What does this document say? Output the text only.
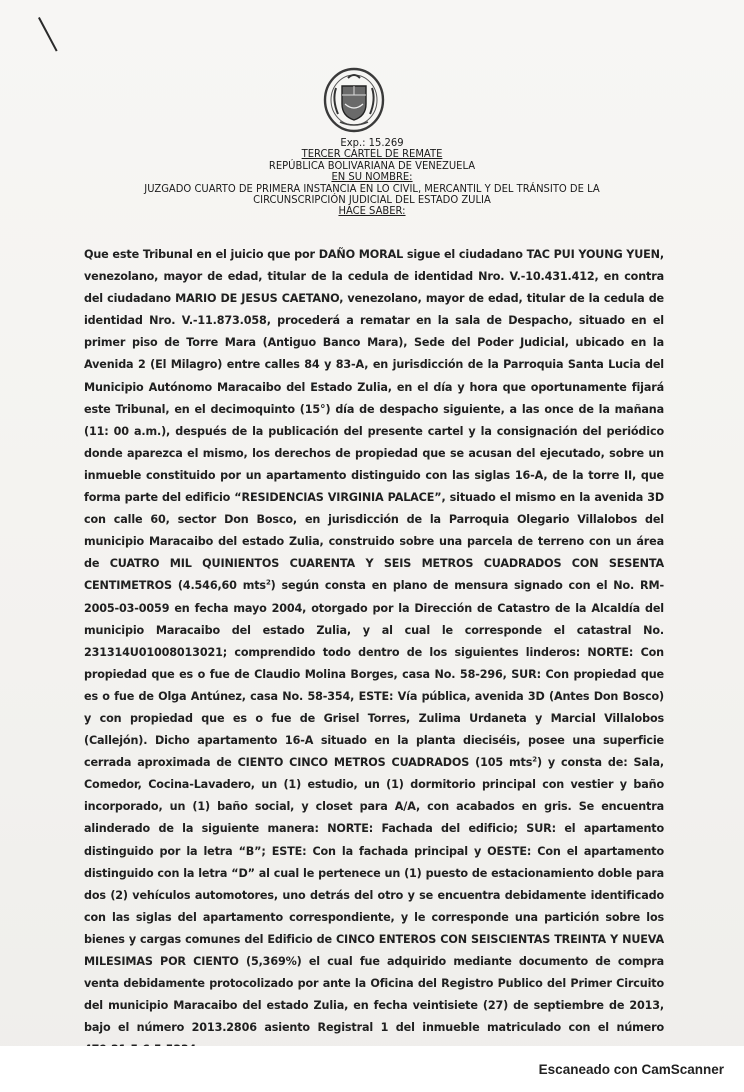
Exp.: 15.269
TERCER CARTEL DE REMATE
REPÚBLICA BOLIVARIANA DE VENEZUELA
EN SU NOMBRE:
JUZGADO CUARTO DE PRIMERA INSTANCIA EN LO CIVIL, MERCANTIL Y DEL TRÁNSITO DE LA
CIRCUNSCRIPCIÓN JUDICIAL DEL ESTADO ZULIA
HACE SABER:

Que este Tribunal en el juicio que por DAÑO MORAL sigue el ciudadano TAC PUI YOUNG YUEN, venezolano, mayor de edad, titular de la cedula de identidad Nro. V.-10.431.412, en contra del ciudadano MARIO DE JESUS CAETANO, venezolano, mayor de edad, titular de la cedula de identidad Nro. V.-11.873.058, procederá a rematar en la sala de Despacho, situado en el primer piso de Torre Mara (Antiguo Banco Mara), Sede del Poder Judicial, ubicado en la Avenida 2 (El Milagro) entre calles 84 y 83-A, en jurisdicción de la Parroquia Santa Lucia del Municipio Autónomo Maracaibo del Estado Zulia, en el día y hora que oportunamente fijará este Tribunal, en el decimoquinto (15°) día de despacho siguiente, a las once de la mañana (11: 00 a.m.), después de la publicación del presente cartel y la consignación del periódico donde aparezca el mismo, los derechos de propiedad que se acusan del ejecutado, sobre un inmueble constituido por un apartamento distinguido con las siglas 16-A, de la torre II, que forma parte del edificio “RESIDENCIAS VIRGINIA PALACE”, situado el mismo en la avenida 3D con calle 60, sector Don Bosco, en jurisdicción de la Parroquia Olegario Villalobos del municipio Maracaibo del estado Zulia, construido sobre una parcela de terreno con un área de CUATRO MIL QUINIENTOS CUARENTA Y SEIS METROS CUADRADOS CON SESENTA CENTIMETROS (4.546,60 mts$^2$) según consta en plano de mensura signado con el No. RM-2005-03-0059 en fecha mayo 2004, otorgado por la Dirección de Catastro de la Alcaldía del municipio Maracaibo del estado Zulia, y al cual le corresponde el catastral No. 231314U01008013021; comprendido todo dentro de los siguientes linderos: NORTE: Con propiedad que es o fue de Claudio Molina Borges, casa No. 58-296, SUR: Con propiedad que es o fue de Olga Antúnez, casa No. 58-354, ESTE: Vía pública, avenida 3D (Antes Don Bosco) y con propiedad que es o fue de Grisel Torres, Zulima Urdaneta y Marcial Villalobos (Callejón). Dicho apartamento 16-A situado en la planta dieciséis, posee una superficie cerrada aproximada de CIENTO CINCO METROS CUADRADOS (105 mts$^2$) y consta de: Sala, Comedor, Cocina-Lavadero, un (1) estudio, un (1) dormitorio principal con vestier y baño incorporado, un (1) baño social, y closet para A/A, con acabados en gris. Se encuentra alinderado de la siguiente manera: NORTE: Fachada del edificio; SUR: el apartamento distinguido por la letra “B”; ESTE: Con la fachada principal y OESTE: Con el apartamento distinguido con la letra “D” al cual le pertenece un (1) puesto de estacionamiento doble para dos (2) vehículos automotores, uno detrás del otro y se encuentra debidamente identificado con las siglas del apartamento correspondiente, y le corresponde una partición sobre los bienes y cargas comunes del Edificio de CINCO ENTEROS CON SEISCIENTAS TREINTA Y NUEVA MILESIMAS POR CIENTO (5,369%) el cual fue adquirido mediante documento de compra venta debidamente protocolizado por ante la Oficina del Registro Publico del Primer Circuito del municipio Maracaibo del estado Zulia, en fecha veintisiete (27) de septiembre de 2013, bajo el número 2013.2806 asiento Registral 1 del inmueble matriculado con el número

Escaneado con CamScanner
